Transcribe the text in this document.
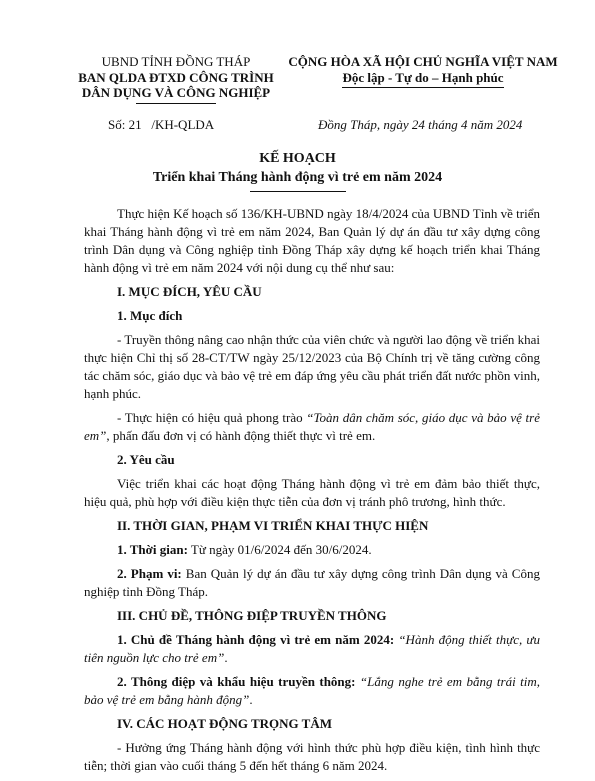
UBND TỈNH ĐỒNG THÁP
BAN QLDA ĐTXD CÔNG TRÌNH
DÂN DỤNG VÀ CÔNG NGHIỆP
CỘNG HÒA XÃ HỘI CHỦ NGHĨA VIỆT NAM
Độc lập - Tự do – Hạnh phúc
Số: 21   /KH-QLDA	Đồng Tháp, ngày 24 tháng 4 năm 2024
KẾ HOẠCH
Triển khai Tháng hành động vì trẻ em năm 2024

Thực hiện Kế hoạch số 136/KH-UBND ngày 18/4/2024 của UBND Tỉnh về triển khai Tháng hành động vì trẻ em năm 2024, Ban Quản lý dự án đầu tư xây dựng công trình Dân dụng và Công nghiệp tỉnh Đồng Tháp xây dựng kế hoạch triển khai Tháng hành động vì trẻ em năm 2024 với nội dung cụ thể như sau:

I. MỤC ĐÍCH, YÊU CẦU

1. Mục đích

- Truyền thông nâng cao nhận thức của viên chức và người lao động về triển khai thực hiện Chỉ thị số 28-CT/TW ngày 25/12/2023 của Bộ Chính trị về tăng cường công tác chăm sóc, giáo dục và bảo vệ trẻ em đáp ứng yêu cầu phát triển đất nước phồn vinh, hạnh phúc.

- Thực hiện có hiệu quả phong trào “Toàn dân chăm sóc, giáo dục và bảo vệ trẻ em”, phấn đấu đơn vị có hành động thiết thực vì trẻ em.

2. Yêu cầu

Việc triển khai các hoạt động Tháng hành động vì trẻ em đảm bảo thiết thực, hiệu quả, phù hợp với điều kiện thực tiễn của đơn vị tránh phô trương, hình thức.

II. THỜI GIAN, PHẠM VI TRIỂN KHAI THỰC HIỆN

1. Thời gian: Từ ngày 01/6/2024 đến 30/6/2024.

2. Phạm vi: Ban Quản lý dự án đầu tư xây dựng công trình Dân dụng và Công nghiệp tỉnh Đồng Tháp.

III. CHỦ ĐỀ, THÔNG ĐIỆP TRUYỀN THÔNG

1. Chủ đề Tháng hành động vì trẻ em năm 2024: “Hành động thiết thực, ưu tiên nguồn lực cho trẻ em”.

2. Thông điệp và khẩu hiệu truyền thông: “Lắng nghe trẻ em bằng trái tim, bảo vệ trẻ em bằng hành động”.

IV. CÁC HOẠT ĐỘNG TRỌNG TÂM

- Hưởng ứng Tháng hành động với hình thức phù hợp điều kiện, tình hình thực tiễn; thời gian vào cuối tháng 5 đến hết tháng 6 năm 2024.
